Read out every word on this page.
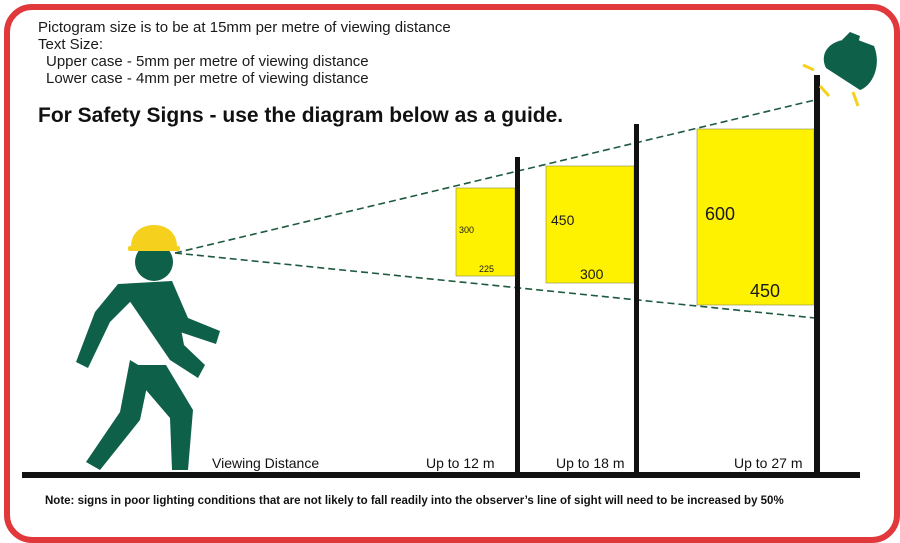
Pictogram size is to be at 15mm per metre of viewing distance
Text Size:
Upper case - 5mm per metre of viewing distance
Lower case - 4mm per metre of viewing distance
For Safety Signs - use the diagram below as a guide.
300
225
450
300
600
450
Viewing Distance	Up to 12 m	Up to 18 m	Up to 27 m
Note: signs in poor lighting conditions that are not likely to fall readily into the observer’s line of sight will need to be increased by 50%
